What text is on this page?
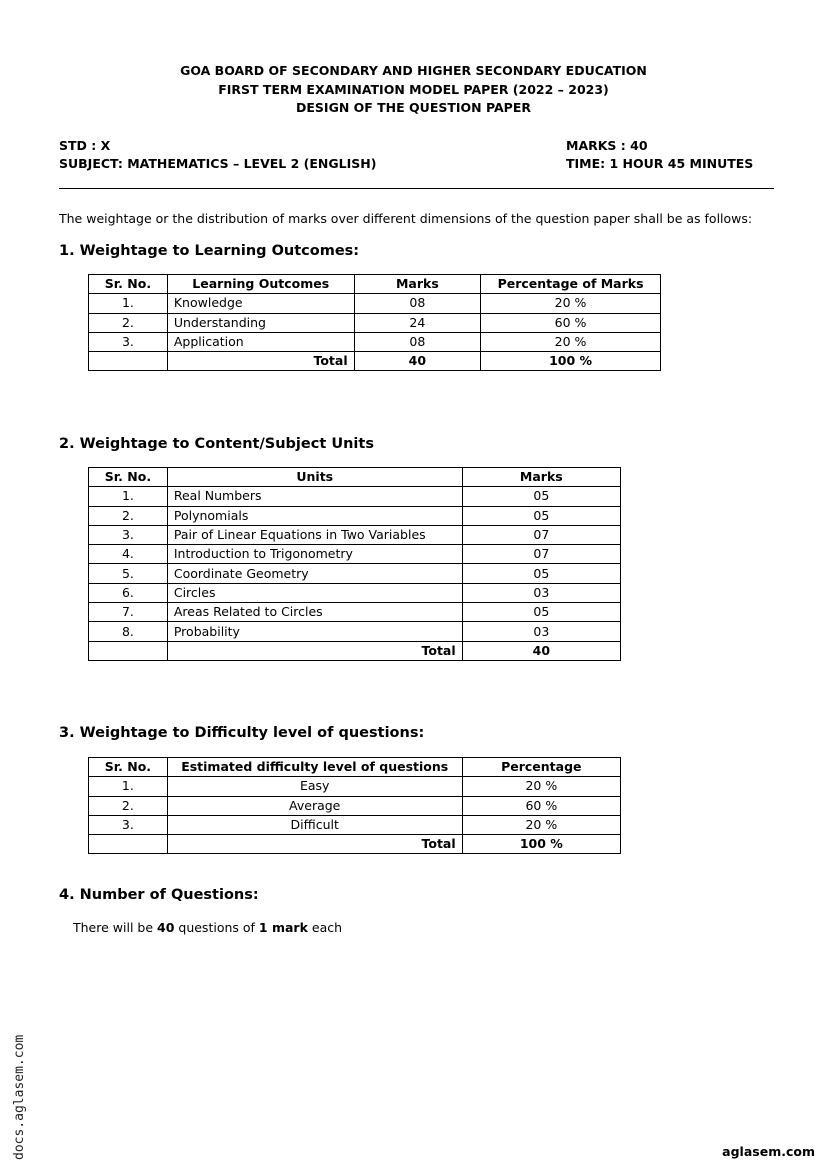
GOA BOARD OF SECONDARY AND HIGHER SECONDARY EDUCATION
FIRST TERM EXAMINATION MODEL PAPER (2022 – 2023)
DESIGN OF THE QUESTION PAPER
STD : X
SUBJECT: MATHEMATICS – LEVEL 2 (ENGLISH)
MARKS : 40
TIME: 1 HOUR 45 MINUTES
The weightage or the distribution of marks over different dimensions of the question paper shall be as follows:
1. Weightage to Learning Outcomes:
Sr. No.	Learning Outcomes	Marks	Percentage of Marks
1.	Knowledge	08	20 %
2.	Understanding	24	60 %
3.	Application	08	20 %
	Total	40	100 %
2. Weightage to Content/Subject Units
Sr. No.	Units	Marks
1.	Real Numbers	05
2.	Polynomials	05
3.	Pair of Linear Equations in Two Variables	07
4.	Introduction to Trigonometry	07
5.	Coordinate Geometry	05
6.	Circles	03
7.	Areas Related to Circles	05
8.	Probability	03
	Total	40
3. Weightage to Difficulty level of questions:
Sr. No.	Estimated difficulty level of questions	Percentage
1.	Easy	20 %
2.	Average	60 %
3.	Difficult	20 %
	Total	100 %
4. Number of Questions:
There will be 40 questions of 1 mark each
docs.aglasem.com	aglasem.com
